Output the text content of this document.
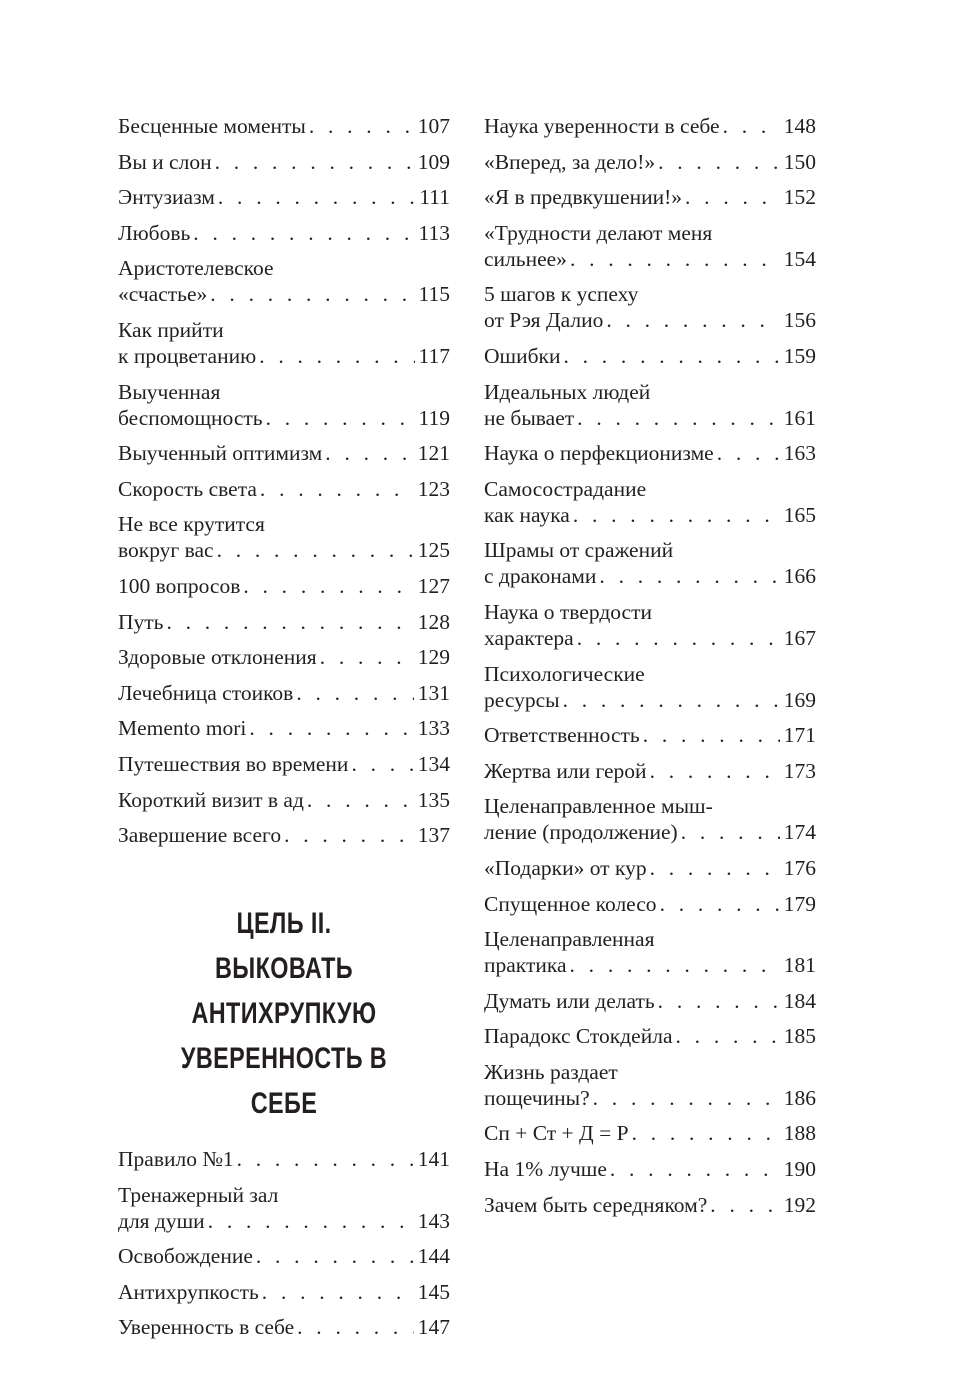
Бесценные моменты . . .	107
Вы и слон . . .	109
Энтузиазм . . .	111
Любовь . . .	113
Аристотелевское
«счастье» . . .	115
Как прийти
к процветанию . . .	117
Выученная
беспомощность . . .	119
Выученный оптимизм . . .	121
Скорость света . . .	123
Не все крутится
вокруг вас . . .	125
100 вопросов . . .	127
Путь . . .	128
Здоровые отклонения . . .	129
Лечебница стоиков . . .	131
Memento mori . . .	133
Путешествия во времени . . .	134
Короткий визит в ад . . .	135
Завершение всего . . .	137
ЦЕЛЬ II.
ВЫКОВАТЬ АНТИХРУПКУЮ
УВЕРЕННОСТЬ В СЕБЕ
Правило №1 . . .	141
Тренажерный зал
для души . . .	143
Освобождение . . .	144
Антихрупкость . . .	145
Уверенность в себе . . .	147
Наука уверенности в себе . . .	148
«Вперед, за дело!» . . .	150
«Я в предвкушении!» . . .	152
«Трудности делают меня
сильнее» . . .	154
5 шагов к успеху
от Рэя Далио . . .	156
Ошибки . . .	159
Идеальных людей
не бывает . . .	161
Наука о перфекционизме . . .	163
Самосострадание
как наука . . .	165
Шрамы от сражений
с драконами . . .	166
Наука о твердости
характера . . .	167
Психологические
ресурсы . . .	169
Ответственность . . .	171
Жертва или герой . . .	173
Целенаправленное мыш-
ление (продолжение) . . .	174
«Подарки» от кур . . .	176
Спущенное колесо . . .	179
Целенаправленная
практика . . .	181
Думать или делать . . .	184
Парадокс Стокдейла . . .	185
Жизнь раздает
пощечины? . . .	186
Сп + Ст + Д = Р . . .	188
На 1% лучше . . .	190
Зачем быть середняком? . . .	192
